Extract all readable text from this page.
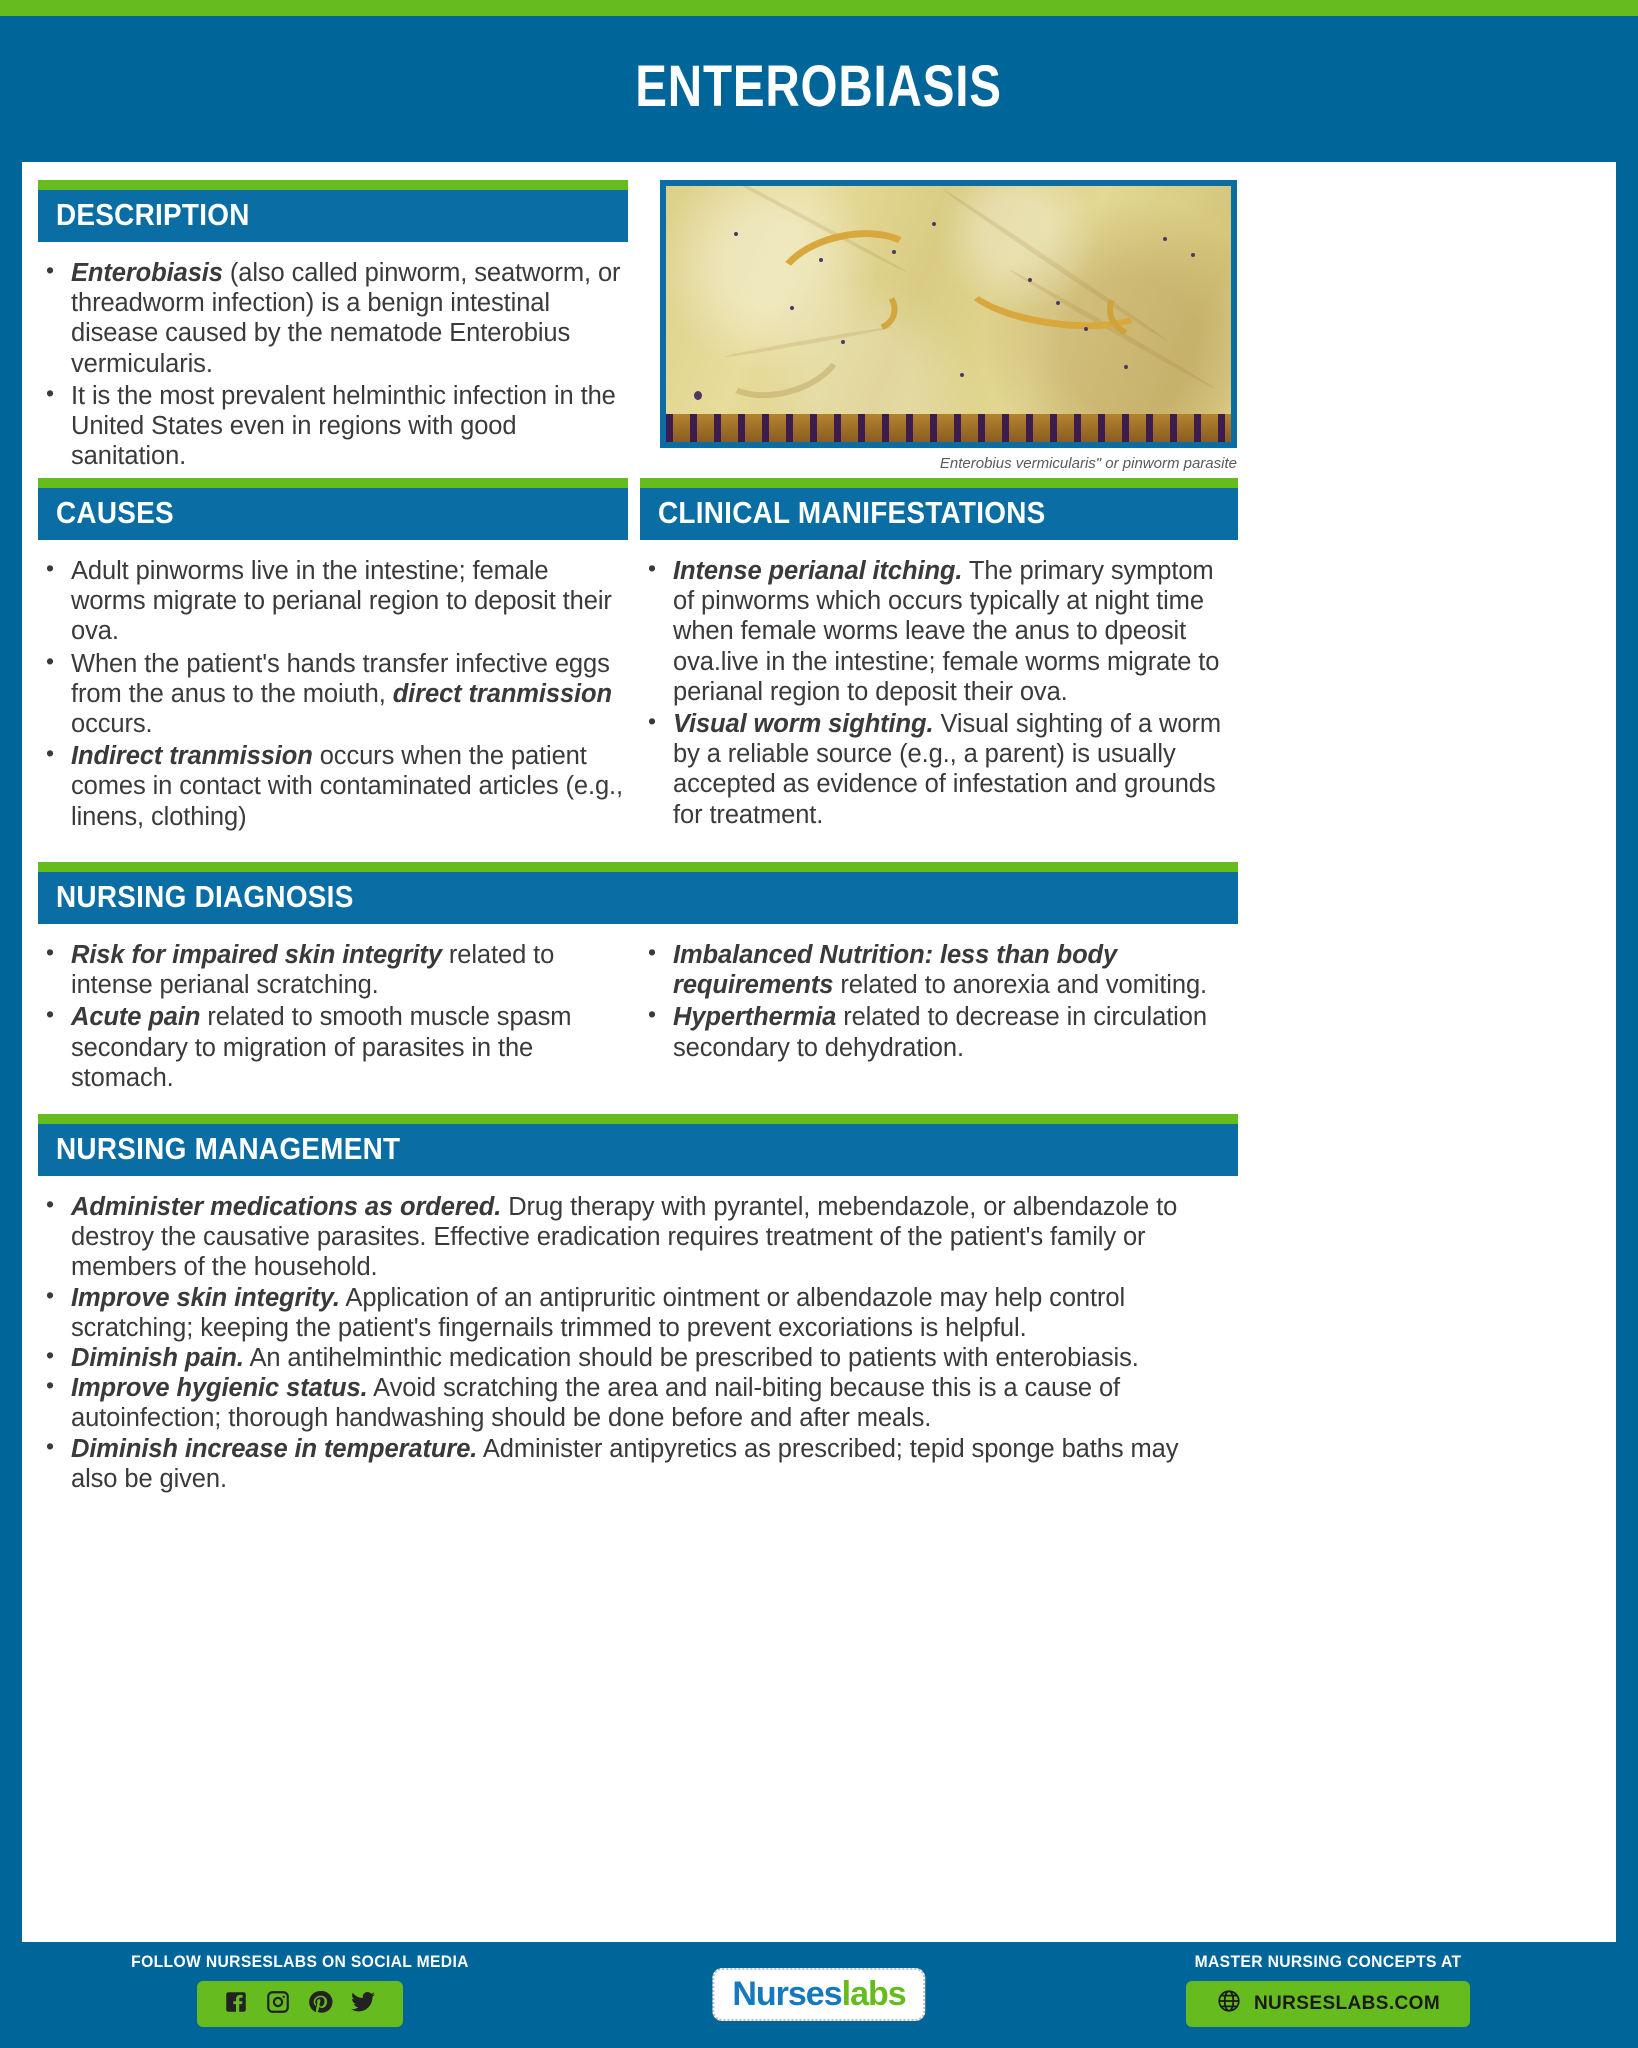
ENTEROBIASIS
DESCRIPTION
• Enterobiasis (also called pinworm, seatworm, or threadworm infection) is a benign intestinal disease caused by the nematode Enterobius vermicularis.
• It is the most prevalent helminthic infection in the United States even in regions with good sanitation.	Enterobius vermicularis" or pinworm parasite
CAUSES
• Adult pinworms live in the intestine; female worms migrate to perianal region to deposit their ova.
• When the patient's hands transfer infective eggs from the anus to the moiuth, direct tranmission occurs.
• Indirect tranmission occurs when the patient comes in contact with contaminated articles (e.g., linens, clothing)
CLINICAL MANIFESTATIONS
• Intense perianal itching. The primary symptom of pinworms which occurs typically at night time when female worms leave the anus to dpeosit ova.live in the intestine; female worms migrate to perianal region to deposit their ova.
• Visual worm sighting. Visual sighting of a worm by a reliable source (e.g., a parent) is usually accepted as evidence of infestation and grounds for treatment.
NURSING DIAGNOSIS
• Risk for impaired skin integrity related to intense perianal scratching.
• Acute pain related to smooth muscle spasm secondary to migration of parasites in the stomach.
• Imbalanced Nutrition: less than body requirements related to anorexia and vomiting.
• Hyperthermia related to decrease in circulation secondary to dehydration.
NURSING MANAGEMENT
• Administer medications as ordered. Drug therapy with pyrantel, mebendazole, or albendazole to destroy the causative parasites. Effective eradication requires treatment of the patient's family or members of the household.
• Improve skin integrity. Application of an antipruritic ointment or albendazole may help control scratching; keeping the patient's fingernails trimmed to prevent excoriations is helpful.
• Diminish pain. An antihelminthic medication should be prescribed to patients with enterobiasis.
• Improve hygienic status. Avoid scratching the area and nail-biting because this is a cause of autoinfection; thorough handwashing should be done before and after meals.
• Diminish increase in temperature. Administer antipyretics as prescribed; tepid sponge baths may also be given.
FOLLOW NURSESLABS ON SOCIAL MEDIA
Nurseslabs
MASTER NURSING CONCEPTS AT
NURSESLABS.COM
